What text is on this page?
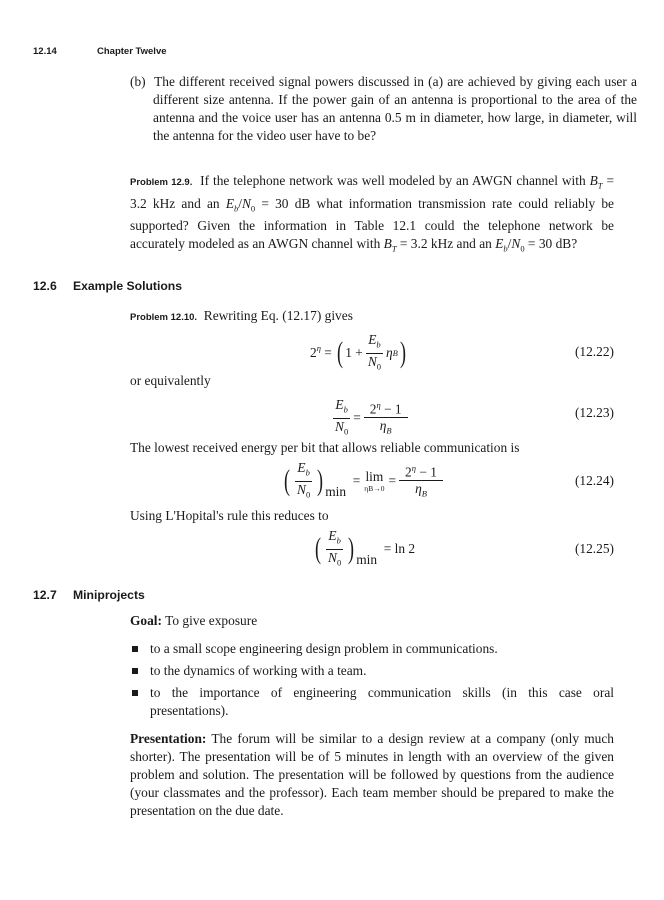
12.14	Chapter Twelve
(b) The different received signal powers discussed in (a) are achieved by giving each user a different size antenna. If the power gain of an antenna is proportional to the area of the antenna and the voice user has an antenna 0.5 m in diameter, how large, in diameter, will the antenna for the video user have to be?
Problem 12.9. If the telephone network was well modeled by an AWGN channel with $B_T = 3.2$ kHz and an $E_b/N_0 = 30$ dB what information transmission rate could reliably be supported? Given the information in Table 12.1 could the telephone network be accurately modeled as an AWGN channel with $B_T = 3.2$ kHz and an $E_b/N_0 = 30$ dB?
12.6 Example Solutions
Problem 12.10. Rewriting Eq. (12.17) gives
2 $^\eta$
=
( 1
+ $\frac{E_b}{N_0}$ η B )	(12.22)
or equivalently
$\frac{E_b}{N_0} = \frac{2^\eta - 1}{\eta_B}$	(12.23)
The lowest received energy per bit that allows reliable communication is
( $\frac{E_b}{N_0}$ ) min

= lim
ηB→0
= $\frac{2^\eta - 1}{\eta_B}$	(12.24)
Using L'Hopital's rule this reduces to
( $\frac{E_b}{N_0}$ ) min

= ln 2	(12.25)
12.7 Miniprojects
Goal: To give exposure
to a small scope engineering design problem in communications.
to the dynamics of working with a team.
to the importance of engineering communication skills (in this case oral presentations).
Presentation: The forum will be similar to a design review at a company (only much shorter). The presentation will be of 5 minutes in length with an overview of the given problem and solution. The presentation will be followed by questions from the audience (your classmates and the professor). Each team member should be prepared to make the presentation on the due date.
